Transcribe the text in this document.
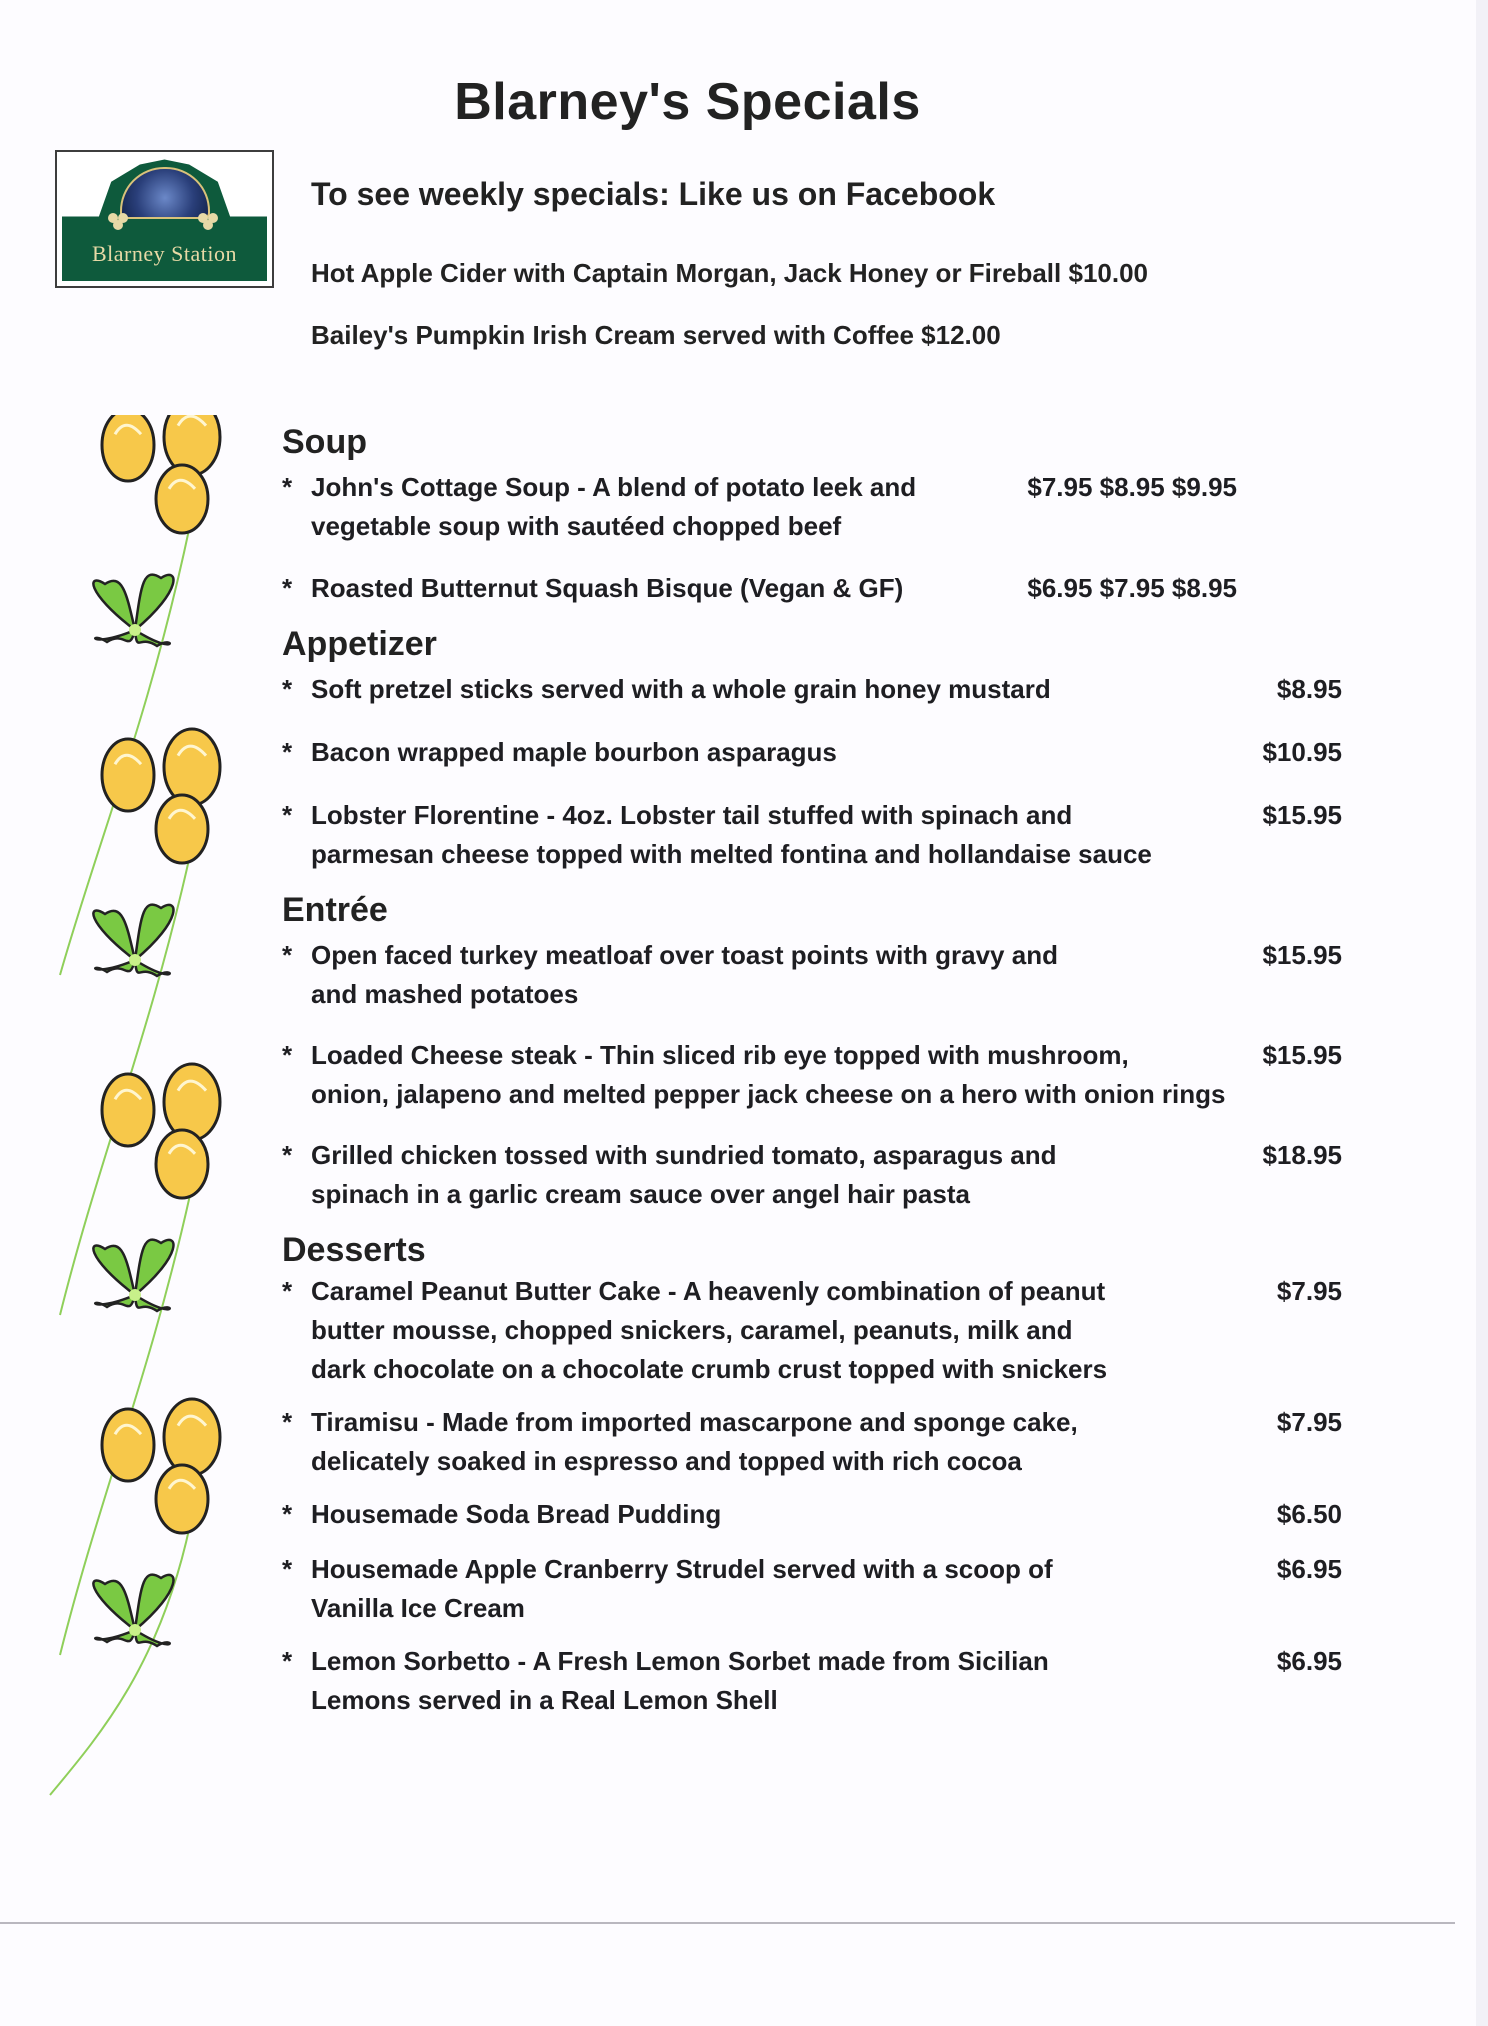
Blarney's Specials
Blarney Station
To see weekly specials: Like us on Facebook
Hot Apple Cider with Captain Morgan, Jack Honey or Fireball $10.00
Bailey's Pumpkin Irish Cream served with Coffee $12.00
Soup
* John's Cottage Soup - A blend of potato leek and
vegetable soup with sautéed chopped beef
$7.95 $8.95 $9.95
* Roasted Butternut Squash Bisque (Vegan & GF)	$6.95 $7.95 $8.95
Appetizer
* Soft pretzel sticks served with a whole grain honey mustard	$8.95
* Bacon wrapped maple bourbon asparagus	$10.95
* Lobster Florentine - 4oz. Lobster tail stuffed with spinach and
parmesan cheese topped with melted fontina and hollandaise sauce
$15.95
Entrée
* Open faced turkey meatloaf over toast points with gravy and
and mashed potatoes
$15.95
* Loaded Cheese steak - Thin sliced rib eye topped with mushroom,
onion, jalapeno and melted pepper jack cheese on a hero with onion rings
$15.95
* Grilled chicken tossed with sundried tomato, asparagus and
spinach in a garlic cream sauce over angel hair pasta
$18.95
Desserts
* Caramel Peanut Butter Cake - A heavenly combination of peanut
butter mousse, chopped snickers, caramel, peanuts, milk and
dark chocolate on a chocolate crumb crust topped with snickers
$7.95
* Tiramisu - Made from imported mascarpone and sponge cake,
delicately soaked in espresso and topped with rich cocoa
$7.95
* Housemade Soda Bread Pudding	$6.50
* Housemade Apple Cranberry Strudel served with a scoop of
Vanilla Ice Cream
$6.95
* Lemon Sorbetto - A Fresh Lemon Sorbet made from Sicilian
Lemons served in a Real Lemon Shell
$6.95
